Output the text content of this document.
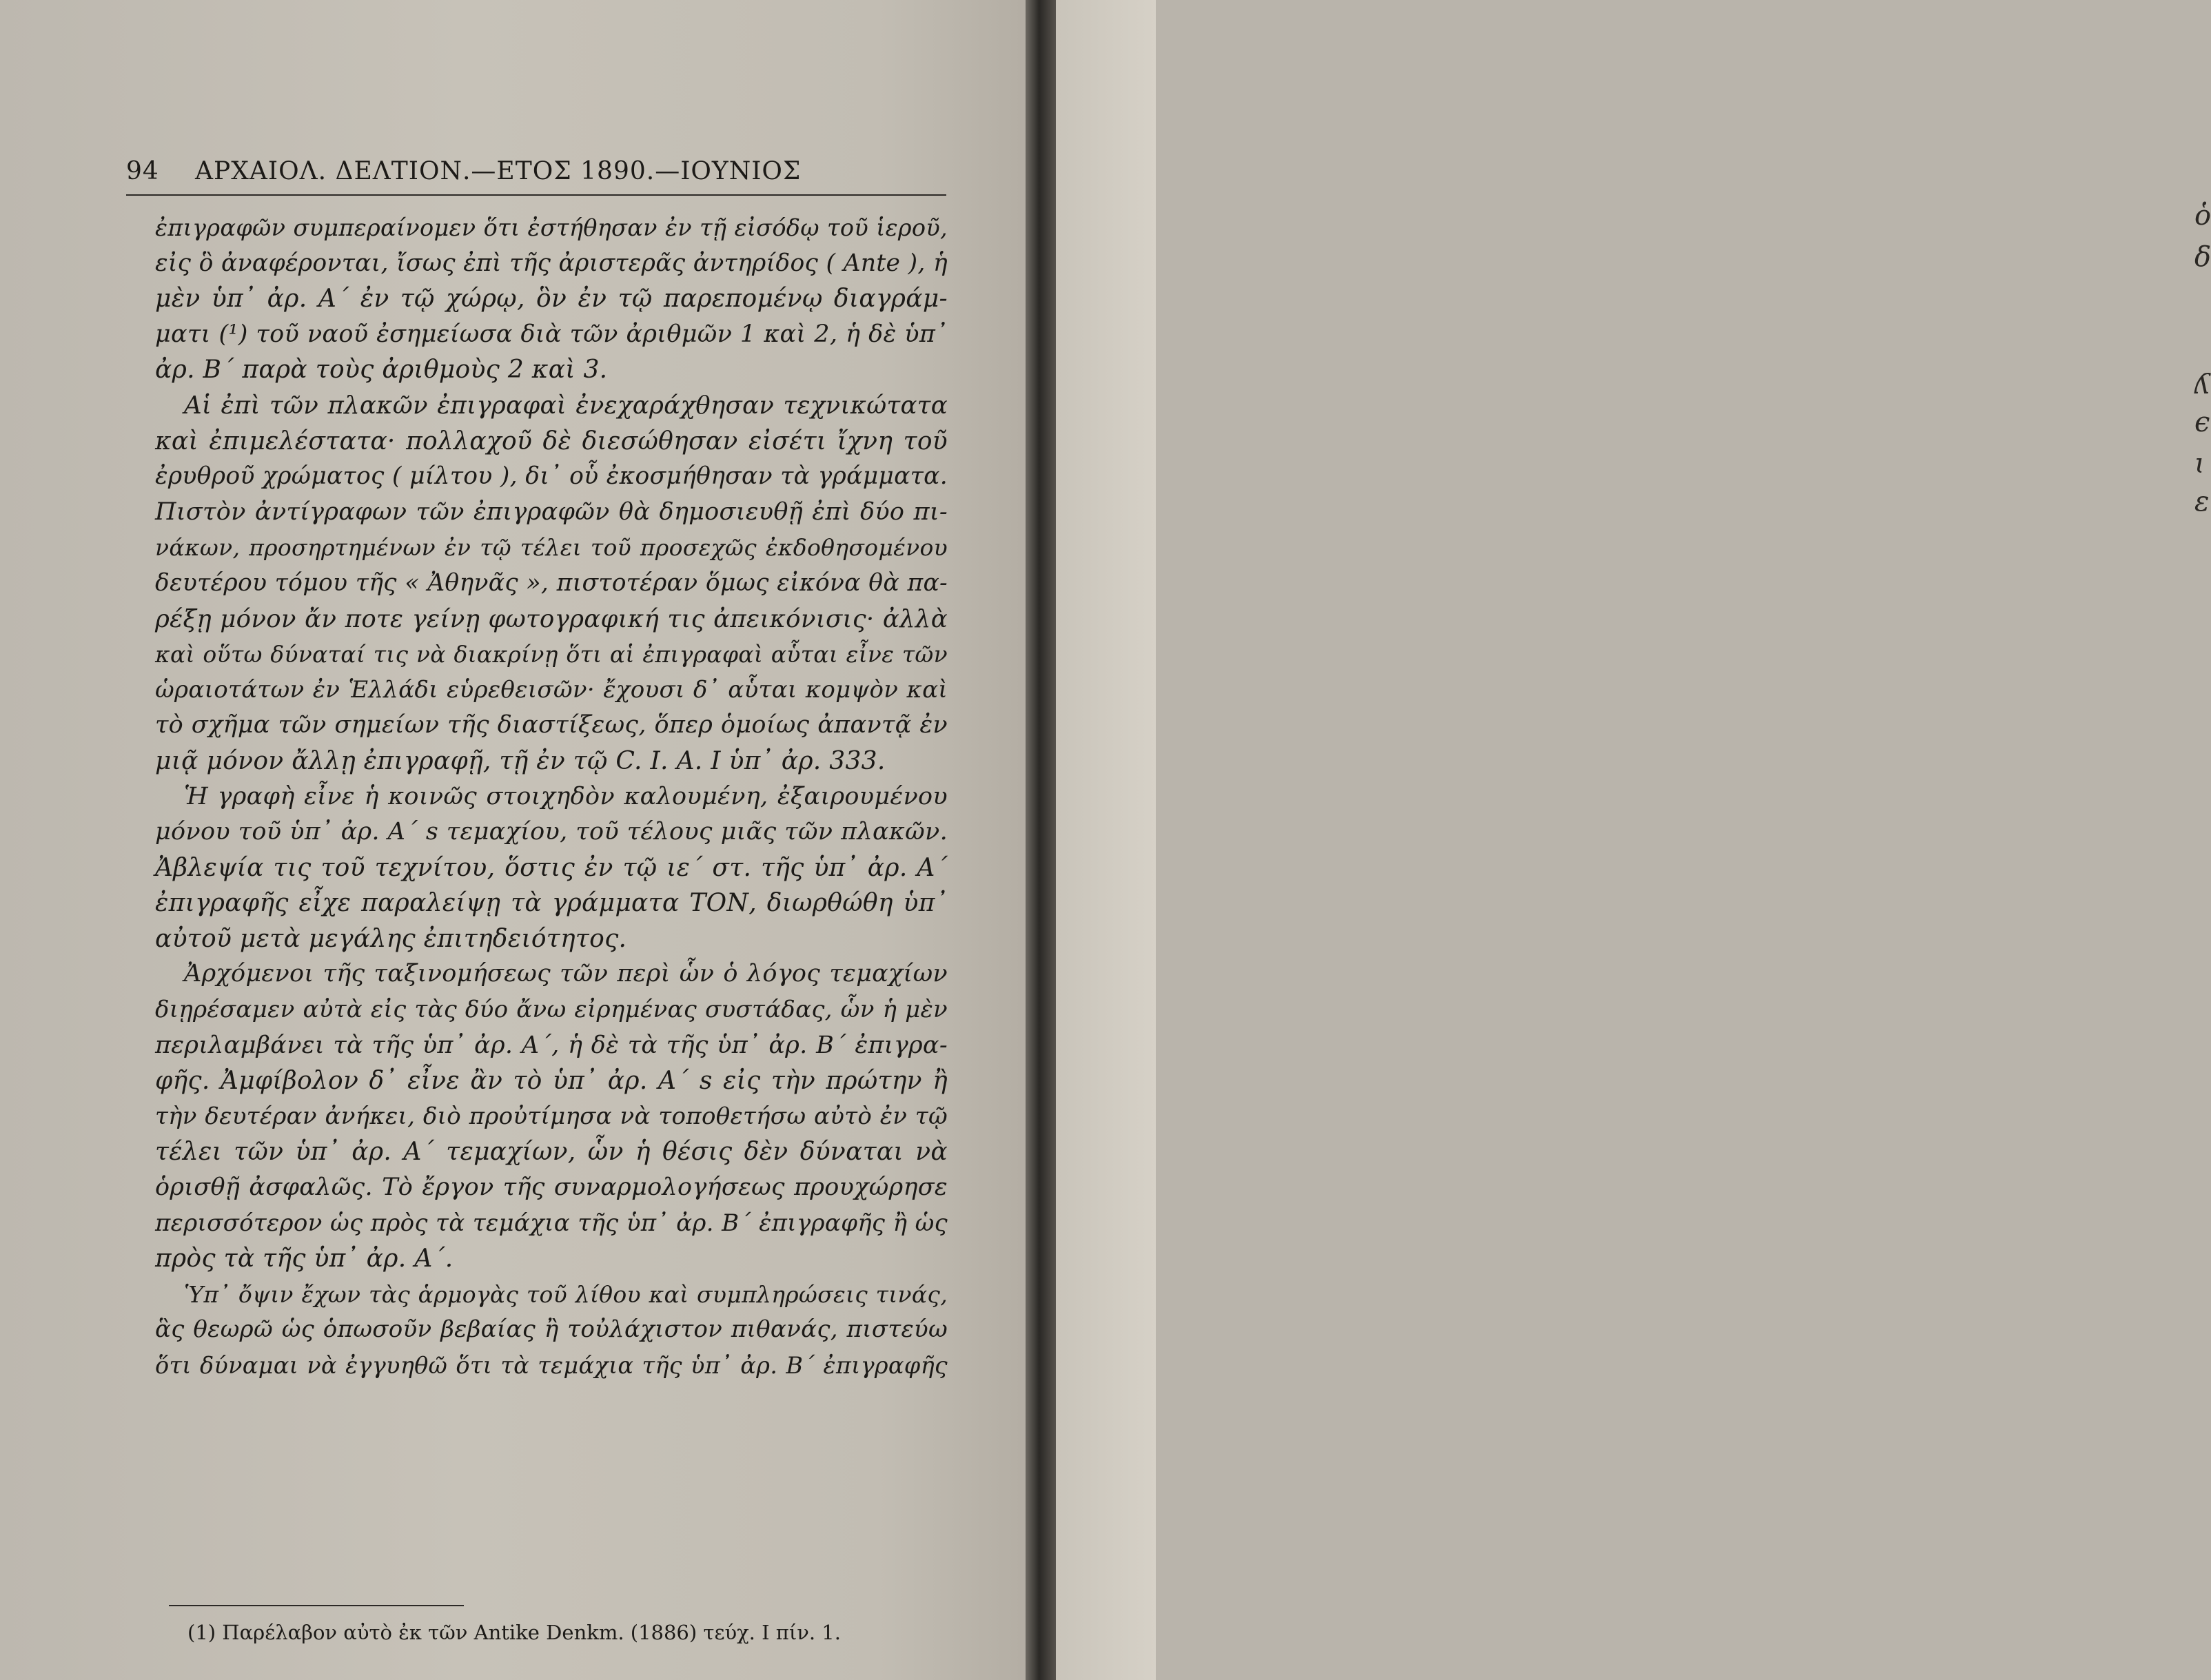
94 ΑΡΧΑΙΟΛ. ΔΕΛΤΙΟΝ.—ΕΤΟΣ 1890.—ΙΟΥΝΙΟΣ
ἐπιγραφῶν συμπεραίνομεν ὅτι ἐστήθησαν ἐν τῇ εἰσόδῳ τοῦ ἱεροῦ,
εἰς ὃ ἀναφέρονται, ἴσως ἐπὶ τῆς ἀριστερᾶς ἀντηρίδος ( Ante ), ἡ
μὲν ὑπ᾽ ἀρ. Α΄ ἐν τῷ χώρῳ, ὃν ἐν τῷ παρεπομένῳ διαγράμ-
ματι (¹) τοῦ ναοῦ ἐσημείωσα διὰ τῶν ἀριθμῶν 1 καὶ 2, ἡ δὲ ὑπ᾽
ἀρ. Β΄ παρὰ τοὺς ἀριθμοὺς 2 καὶ 3.
Αἱ ἐπὶ τῶν πλακῶν ἐπιγραφαὶ ἐνεχαράχθησαν τεχνικώτατα
καὶ ἐπιμελέστατα· πολλαχοῦ δὲ διεσώθησαν εἰσέτι ἴχνη τοῦ
ἐρυθροῦ χρώματος ( μίλτου ), δι᾽ οὗ ἐκοσμήθησαν τὰ γράμματα.
Πιστὸν ἀντίγραφων τῶν ἐπιγραφῶν θὰ δημοσιευθῇ ἐπὶ δύο πι-
νάκων, προσηρτημένων ἐν τῷ τέλει τοῦ προσεχῶς ἐκδοθησομένου
δευτέρου τόμου τῆς « Ἀθηνᾶς », πιστοτέραν ὅμως εἰκόνα θὰ πα-
ρέξῃ μόνον ἄν ποτε γείνῃ φωτογραφική τις ἀπεικόνισις· ἀλλὰ
καὶ οὕτω δύναταί τις νὰ διακρίνῃ ὅτι αἱ ἐπιγραφαὶ αὗται εἶνε τῶν
ὡραιοτάτων ἐν Ἑλλάδι εὑρεθεισῶν· ἔχουσι δ᾽ αὗται κομψὸν καὶ
τὸ σχῆμα τῶν σημείων τῆς διαστίξεως, ὅπερ ὁμοίως ἀπαντᾷ ἐν
μιᾷ μόνον ἄλλῃ ἐπιγραφῇ, τῇ ἐν τῷ C. I. A. I ὑπ᾽ ἀρ. 333.
Ἡ γραφὴ εἶνε ἡ κοινῶς στοιχηδὸν καλουμένη, ἐξαιρουμένου
μόνου τοῦ ὑπ᾽ ἀρ. Α΄ s τεμαχίου, τοῦ τέλους μιᾶς τῶν πλακῶν.
Ἀβλεψία τις τοῦ τεχνίτου, ὅστις ἐν τῷ ιε΄ στ. τῆς ὑπ᾽ ἀρ. Α΄
ἐπιγραφῆς εἶχε παραλείψῃ τὰ γράμματα ΤΟΝ, διωρθώθη ὑπ᾽
αὐτοῦ μετὰ μεγάλης ἐπιτηδειότητος.
Ἀρχόμενοι τῆς ταξινομήσεως τῶν περὶ ὧν ὁ λόγος τεμαχίων
διῃρέσαμεν αὐτὰ εἰς τὰς δύο ἄνω εἰρημένας συστάδας, ὧν ἡ μὲν
περιλαμβάνει τὰ τῆς ὑπ᾽ ἀρ. Α΄, ἡ δὲ τὰ τῆς ὑπ᾽ ἀρ. Β΄ ἐπιγρα-
φῆς. Ἀμφίβολον δ᾽ εἶνε ἂν τὸ ὑπ᾽ ἀρ. Α΄ s εἰς τὴν πρώτην ἢ
τὴν δευτέραν ἀνήκει, διὸ προὐτίμησα νὰ τοποθετήσω αὐτὸ ἐν τῷ
τέλει τῶν ὑπ᾽ ἀρ. Α΄ τεμαχίων, ὧν ἡ θέσις δὲν δύναται νὰ
ὁρισθῇ ἀσφαλῶς. Τὸ ἔργον τῆς συναρμολογήσεως προυχώρησε
περισσότερον ὡς πρὸς τὰ τεμάχια τῆς ὑπ᾽ ἀρ. Β΄ ἐπιγραφῆς ἢ ὡς
πρὸς τὰ τῆς ὑπ᾽ ἀρ. Α΄.
Ὑπ᾽ ὄψιν ἔχων τὰς ἁρμογὰς τοῦ λίθου καὶ συμπληρώσεις τινάς,
ἃς θεωρῶ ὡς ὁπωσοῦν βεβαίας ἢ τοὐλάχιστον πιθανάς, πιστεύω
ὅτι δύναμαι νὰ ἐγγυηθῶ ὅτι τὰ τεμάχια τῆς ὑπ᾽ ἀρ. Β΄ ἐπιγραφῆς
(1) Παρέλαβον αὐτὸ ἐκ τῶν Antike Denkm. (1886) τεύχ. I πίν. 1.
ὁ
δ
ʎ
ϵ
ɩ
ɛ
